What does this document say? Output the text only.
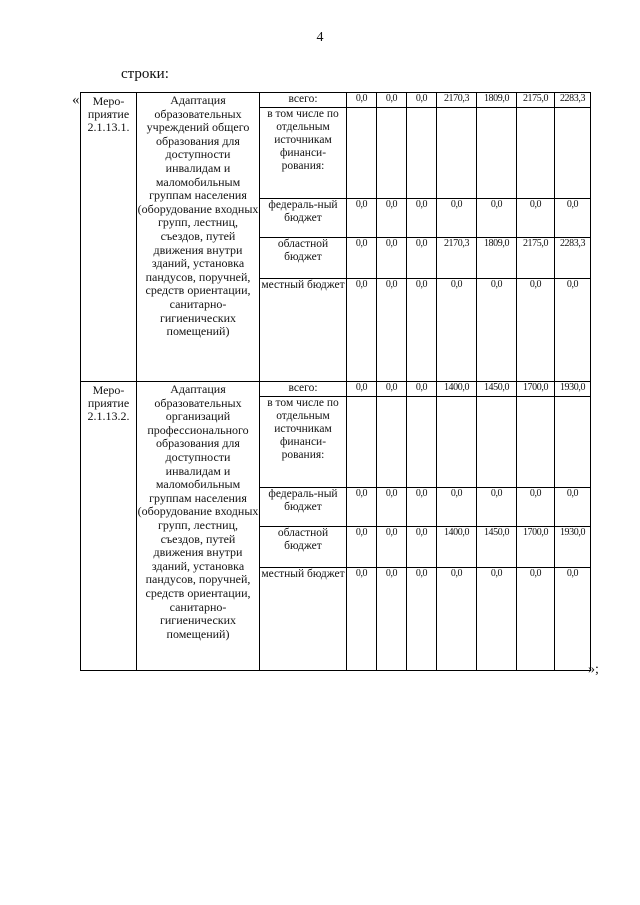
4
строки:
«
»;
Меро-приятие 2.1.13.1.	Адаптация образовательных учреждений общего образования для доступности инвалидам и маломобильным группам населения (оборудование входных групп, лестниц, съездов, путей движения внутри зданий, установка пандусов, поручней, средств ориентации, санитарно-гигиенических помещений)	всего:	0,0	0,0	0,0	2170,3	1809,0	2175,0	2283,3
		в том числе по отдельным источникам финанси-рования:							
		федераль-ный бюджет	0,0	0,0	0,0	0,0	0,0	0,0	0,0
		областной бюджет	0,0	0,0	0,0	2170,3	1809,0	2175,0	2283,3
		местный бюджет	0,0	0,0	0,0	0,0	0,0	0,0	0,0
Меро-приятие 2.1.13.2.	Адаптация образовательных организаций профессионального образования для доступности инвалидам и маломобильным группам населения (оборудование входных групп, лестниц, съездов, путей движения внутри зданий, установка пандусов, поручней, средств ориентации, санитарно-гигиенических помещений)	всего:	0,0	0,0	0,0	1400,0	1450,0	1700,0	1930,0
		в том числе по отдельным источникам финанси-рования:							
		федераль-ный бюджет	0,0	0,0	0,0	0,0	0,0	0,0	0,0
		областной бюджет	0,0	0,0	0,0	1400,0	1450,0	1700,0	1930,0
		местный бюджет	0,0	0,0	0,0	0,0	0,0	0,0	0,0
